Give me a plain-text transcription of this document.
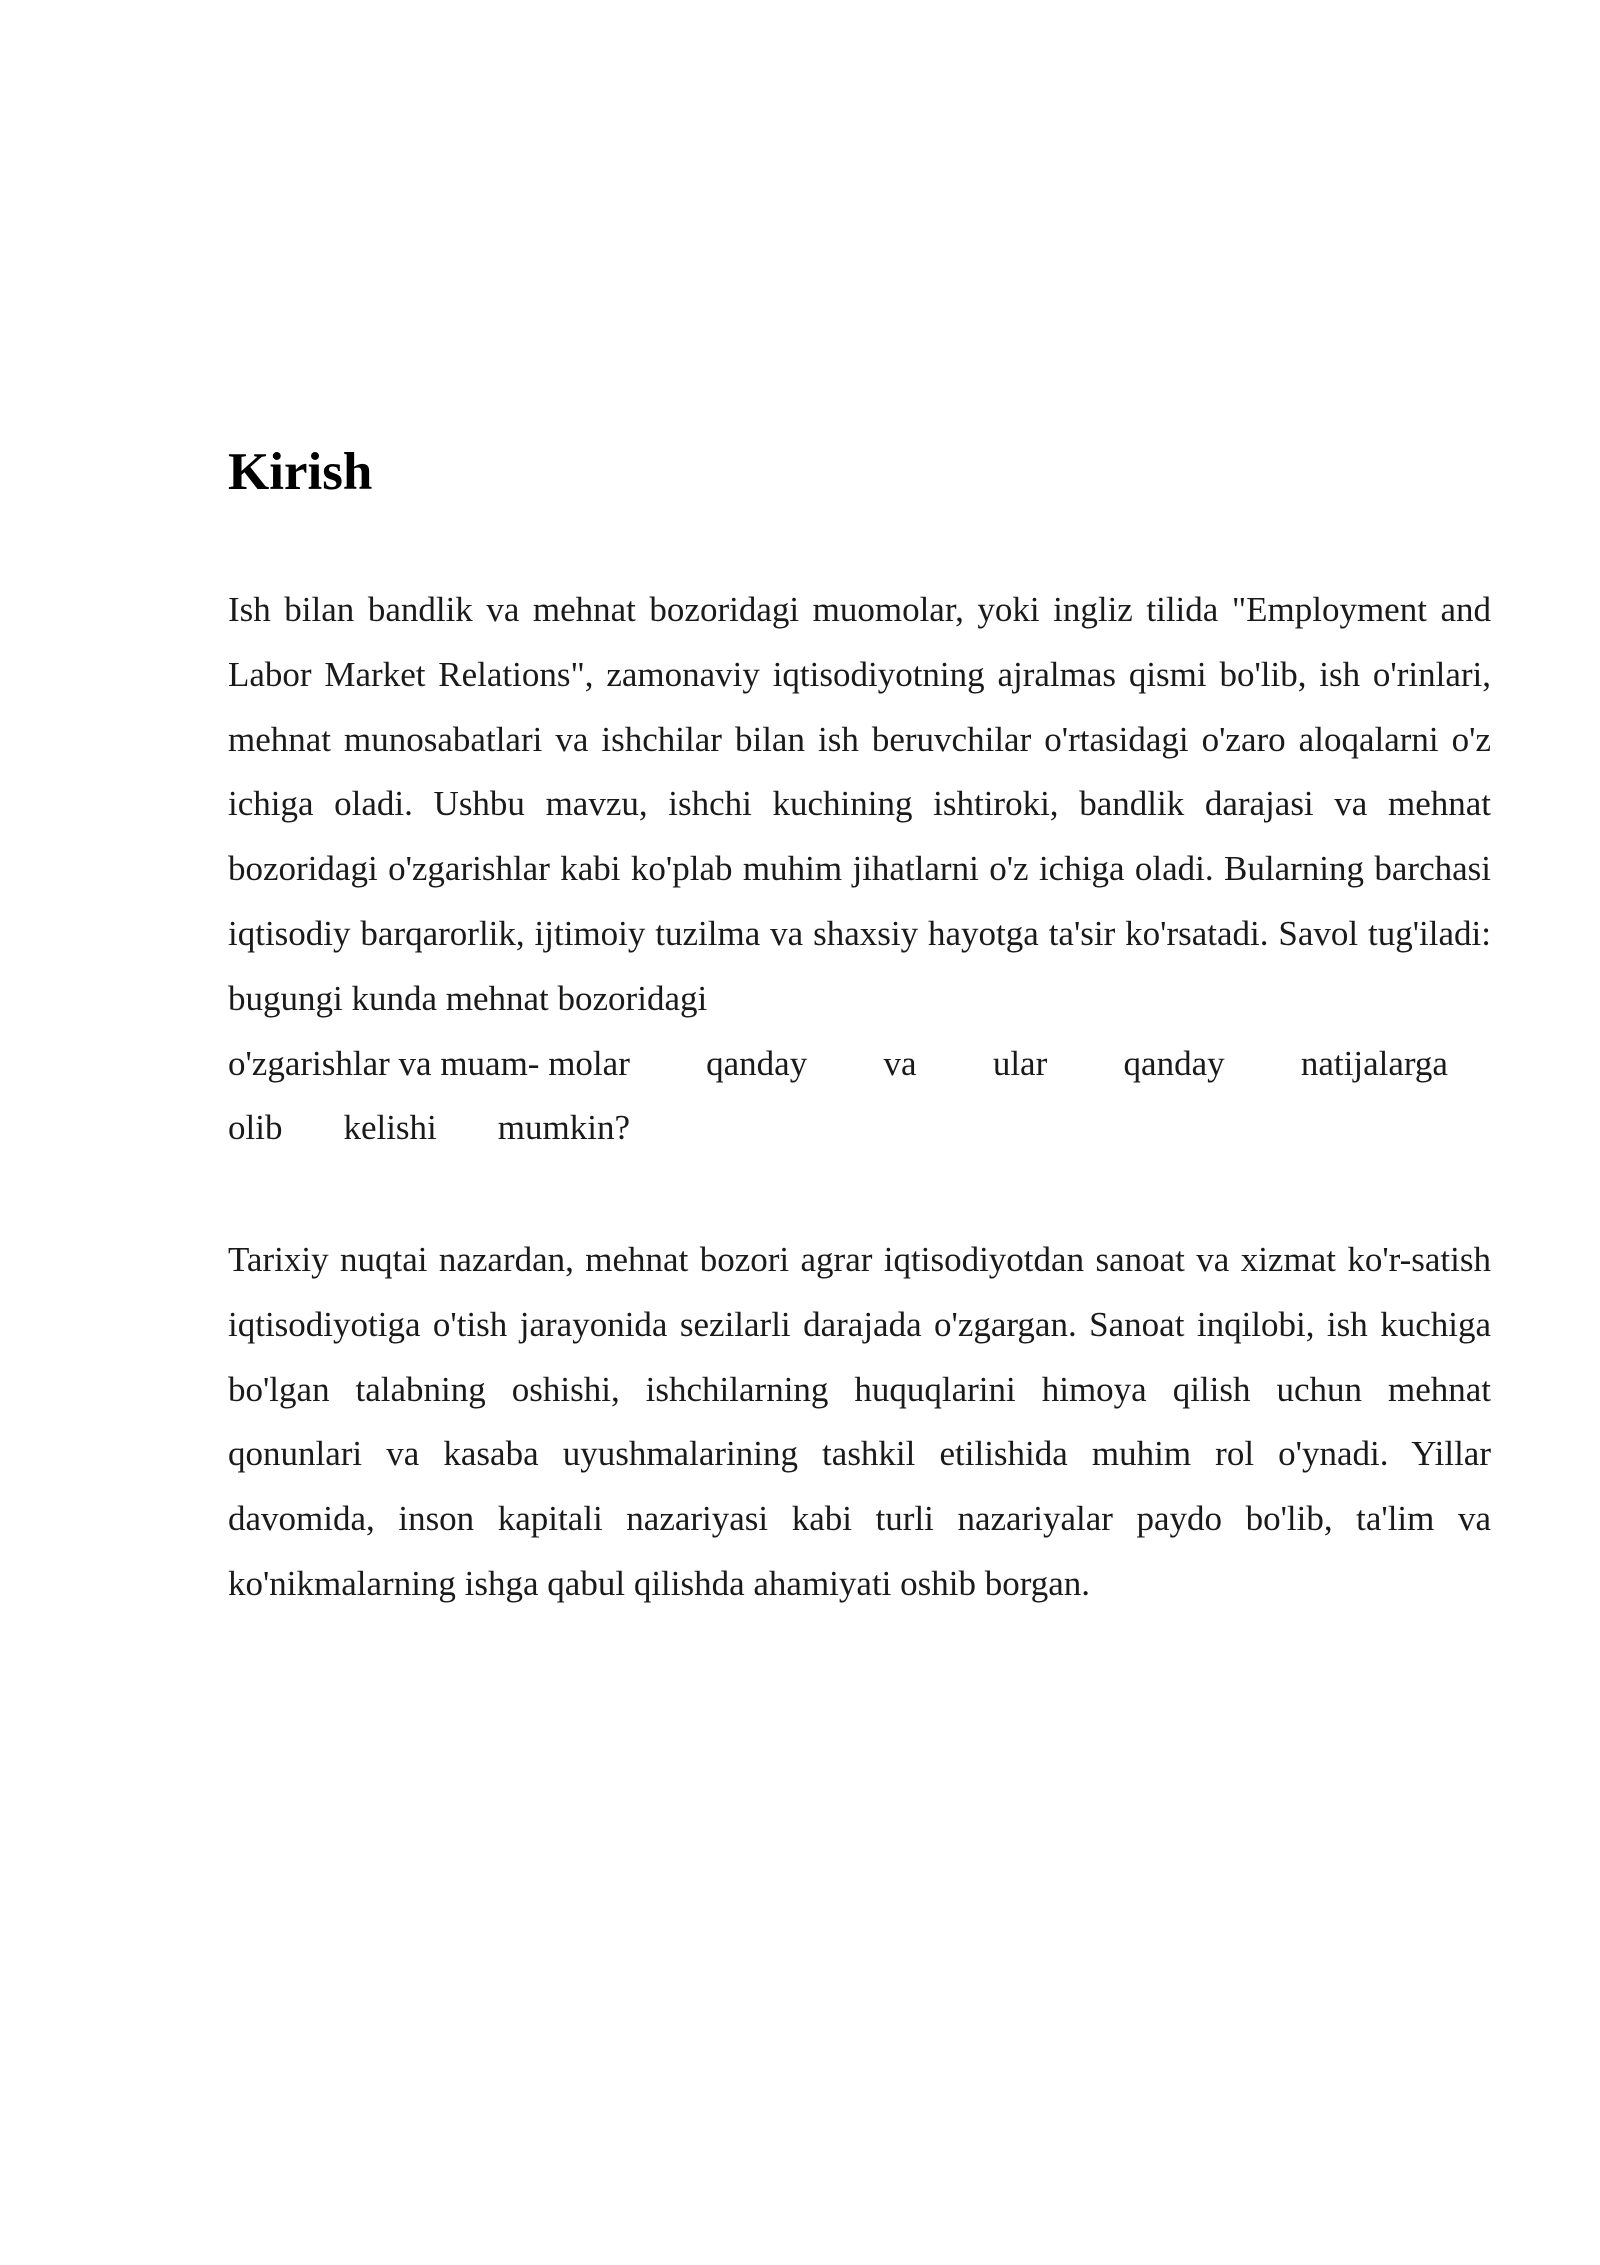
Kirish
Ish bilan bandlik va mehnat bozoridagi muomolar, yoki ingliz tilida "Employment and Labor Market Relations", zamonaviy iqtisodiyotning ajralmas qismi bo'lib, ish o'rinlari, mehnat munosabatlari va ishchilar bilan ish beruvchilar o'rtasidagi o'zaro aloqalarni o'z ichiga oladi. Ushbu mavzu, ishchi kuchining ishtiroki, bandlik darajasi va mehnat bozoridagi o'zgarishlar kabi ko'plab muhim jihatlarni o'z ichiga oladi. Bularning barchasi iqtisodiy barqarorlik, ijtimoiy tuzilma va shaxsiy hayotga ta'sir ko'rsatadi. Savol tug'iladi: bugungi kunda mehnat bozoridagi
o'zgarishlar va muam- molar qanday va ular qanday natijalarga
olib kelishi mumkin?

Tarixiy nuqtai nazardan, mehnat bozori agrar iqtisodiyotdan sanoat va xizmat ko'r-satish iqtisodiyotiga o'tish jarayonida sezilarli darajada o'zgargan. Sanoat inqilobi, ish kuchiga bo'lgan talabning oshishi, ishchilarning huquqlarini himoya qilish uchun mehnat qonunlari va kasaba uyushmalarining tashkil etilishida muhim rol o'ynadi. Yillar davomida, inson kapitali nazariyasi kabi turli nazariyalar paydo bo'lib, ta'lim va ko'nikmalarning ishga qabul qilishda ahamiyati oshib borgan.
